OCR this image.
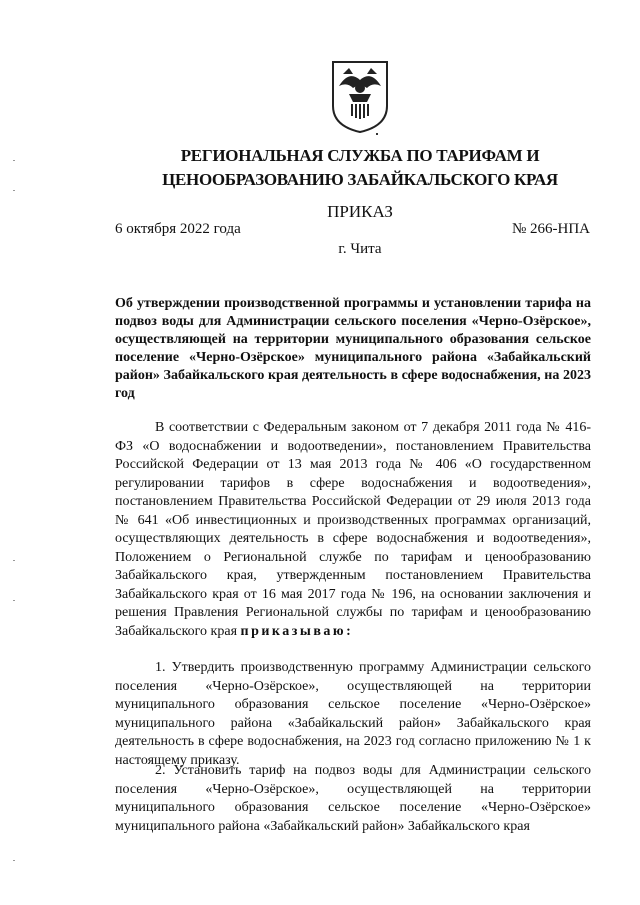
РЕГИОНАЛЬНАЯ СЛУЖБА ПО ТАРИФАМ И
ЦЕНООБРАЗОВАНИЮ ЗАБАЙКАЛЬСКОГО КРАЯ
ПРИКАЗ
6 октября 2022 года	№ 266-НПА
г. Чита
Об утверждении производственной программы и установлении тарифа на подвоз воды для Администрации сельского поселения «Черно-Озёрское», осуществляющей на территории муниципального образования сельское поселение «Черно-Озёрское» муниципального района «Забайкальский район» Забайкальского края деятельность в сфере водоснабжения, на 2023 год
В соответствии с Федеральным законом от 7 декабря 2011 года № 416-ФЗ «О водоснабжении и водоотведении», постановлением Правительства Российской Федерации от 13 мая 2013 года № 406 «О государственном регулировании тарифов в сфере водоснабжения и водоотведения», постановлением Правительства Российской Федерации от 29 июля 2013 года № 641 «Об инвестиционных и производственных программах организаций, осуществляющих деятельность в сфере водоснабжения и водоотведения», Положением о Региональной службе по тарифам и ценообразованию Забайкальского края, утвержденным постановлением Правительства Забайкальского края от 16 мая 2017 года № 196, на основании заключения и решения Правления Региональной службы по тарифам и ценообразованию Забайкальского края приказываю:
1. Утвердить производственную программу Администрации сельского поселения «Черно-Озёрское», осуществляющей на территории муниципального образования сельское поселение «Черно-Озёрское» муниципального района «Забайкальский район» Забайкальского края деятельность в сфере водоснабжения, на 2023 год согласно приложению № 1 к настоящему приказу.
2. Установить тариф на подвоз воды для Администрации сельского поселения «Черно-Озёрское», осуществляющей на территории муниципального образования сельское поселение «Черно-Озёрское» муниципального района «Забайкальский район» Забайкальского края
